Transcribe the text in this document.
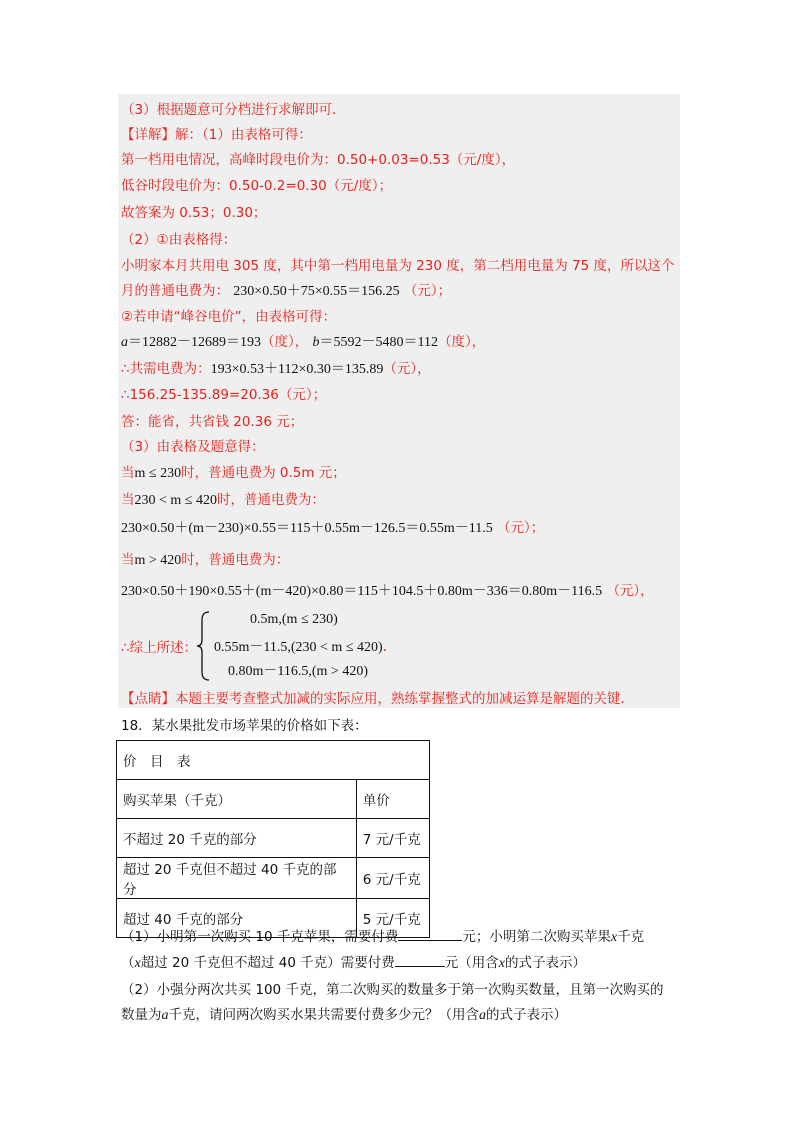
（3）根据题意可分档进行求解即可．
【详解】解：（1）由表格可得：
第一档用电情况，高峰时段电价为：0.50+0.03=0.53（元/度），
低谷时段电价为：0.50-0.2=0.30（元/度）；
故答案为 0.53；0.30；
（2）①由表格得：
小明家本月共用电 305 度，其中第一档用电量为 230 度，第二档用电量为 75 度，所以这个
月的普通电费为： 230×0.50＋75×0.55＝156.25 （元）；
②若申请“峰谷电价”，由表格可得：
a＝12882－12689＝193（度）， b＝5592－5480＝112（度），
∴共需电费为：193×0.53＋112×0.30＝135.89（元），
∴156.25-135.89=20.36（元）；
答：能省，共省钱 20.36 元；
（3）由表格及题意得：
当m ≤ 230时，普通电费为 0.5m 元；
当230 < m ≤ 420时，普通电费为：
230×0.50＋(m－230)×0.55＝115＋0.55m－126.5＝0.55m－11.5 （元）；
当m > 420时，普通电费为：
230×0.50＋190×0.55＋(m－420)×0.80＝115＋104.5＋0.80m－336＝0.80m－116.5 （元），
∴综上所述：
0.5m,(m ≤ 230)
0.55m－11.5,(230 < m ≤ 420)．
0.80m－116.5,(m > 420)
【点睛】本题主要考查整式加减的实际应用，熟练掌握整式的加减运算是解题的关键．
18．某水果批发市场苹果的价格如下表：
价　目　表	
购买苹果（千克）	单价
不超过 20 千克的部分	7 元/千克
超过 20 千克但不超过 40 千克的部分	6 元/千克
超过 40 千克的部分	5 元/千克
（1）小明第一次购买 10 千克苹果，需要付费	元；小明第二次购买苹果x千克
（x超过 20 千克但不超过 40 千克）需要付费	元（用含x的式子表示）
（2）小强分两次共买 100 千克，第二次购买的数量多于第一次购买数量，且第一次购买的
数量为a千克，请问两次购买水果共需要付费多少元？（用含a的式子表示）
